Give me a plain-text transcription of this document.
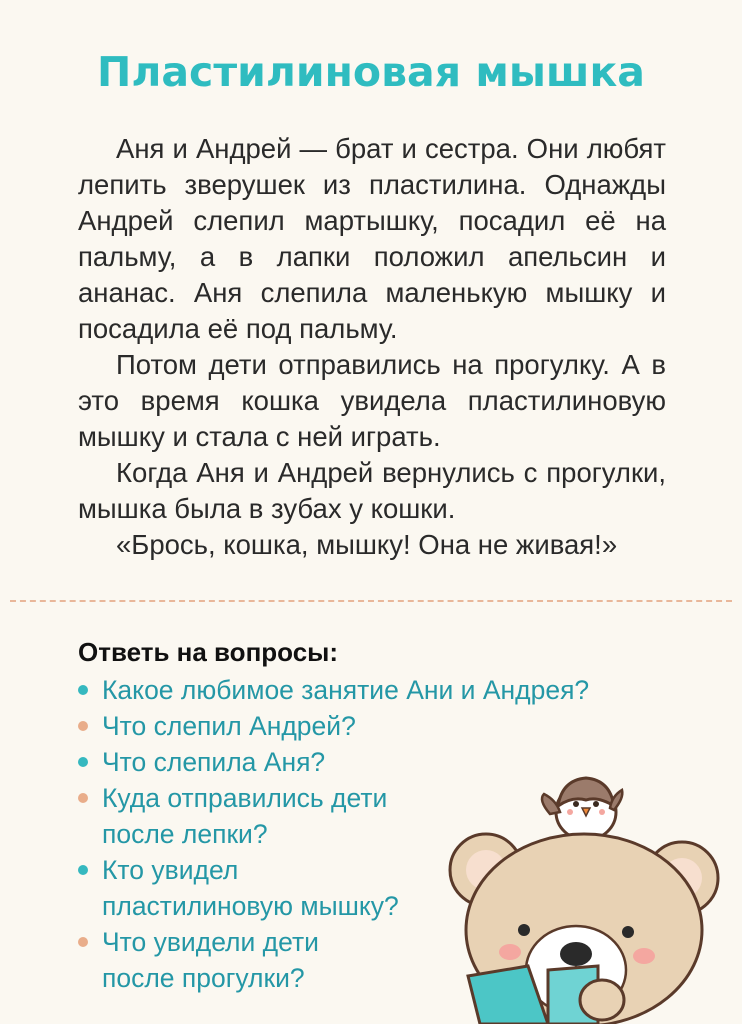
Пластилиновая мышка

Аня и Андрей — брат и сестра. Они любят лепить зверушек из пластилина. Однажды Андрей слепил мартышку, посадил её на пальму, а в лапки положил апельсин и ананас. Аня слепила маленькую мышку и посадила её под пальму.

Потом дети отправились на прогулку. А в это время кошка увидела пластилиновую мышку и стала с ней играть.

Когда Аня и Андрей вернулись с прогулки, мышка была в зубах у кошки.

«Брось, кошка, мышку! Она не живая!»

Ответь на вопросы:
Какое любимое занятие Ани и Андрея?
Что слепил Андрей?
Что слепила Аня?
Куда отправились дети
после лепки?
Кто увидел
пластилиновую мышку?
Что увидели дети
после прогулки?
